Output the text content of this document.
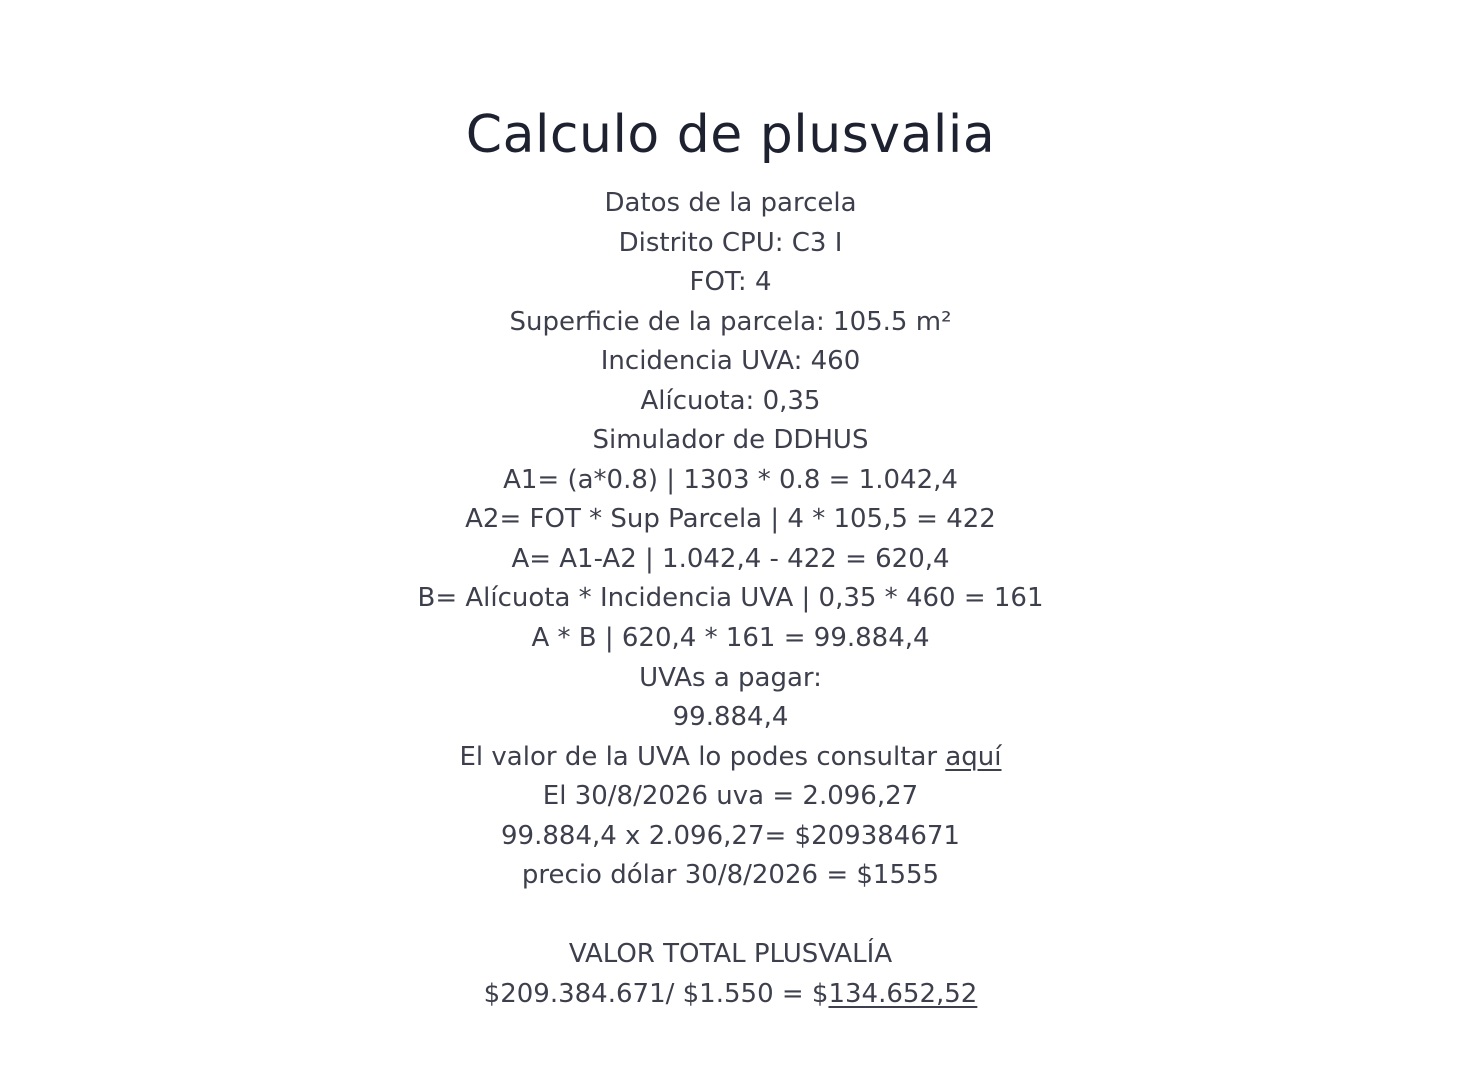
Calculo de plusvalia
Datos de la parcela
Distrito CPU: C3 I
FOT: 4
Superficie de la parcela: 105.5 m²
Incidencia UVA: 460
Alícuota: 0,35
Simulador de DDHUS
A1= (a*0.8) | 1303 * 0.8 = 1.042,4
A2= FOT * Sup Parcela | 4 * 105,5 = 422
A= A1-A2 | 1.042,4 - 422 = 620,4
B= Alícuota * Incidencia UVA | 0,35 * 460 = 161
A * B | 620,4 * 161 = 99.884,4
UVAs a pagar:
99.884,4
El valor de la UVA lo podes consultar aquí
El 30/8/2026 uva = 2.096,27
99.884,4 x 2.096,27= $209384671
precio dólar 30/8/2026 = $1555
VALOR TOTAL PLUSVALÍA
$209.384.671/ $1.550 = $134.652,52
